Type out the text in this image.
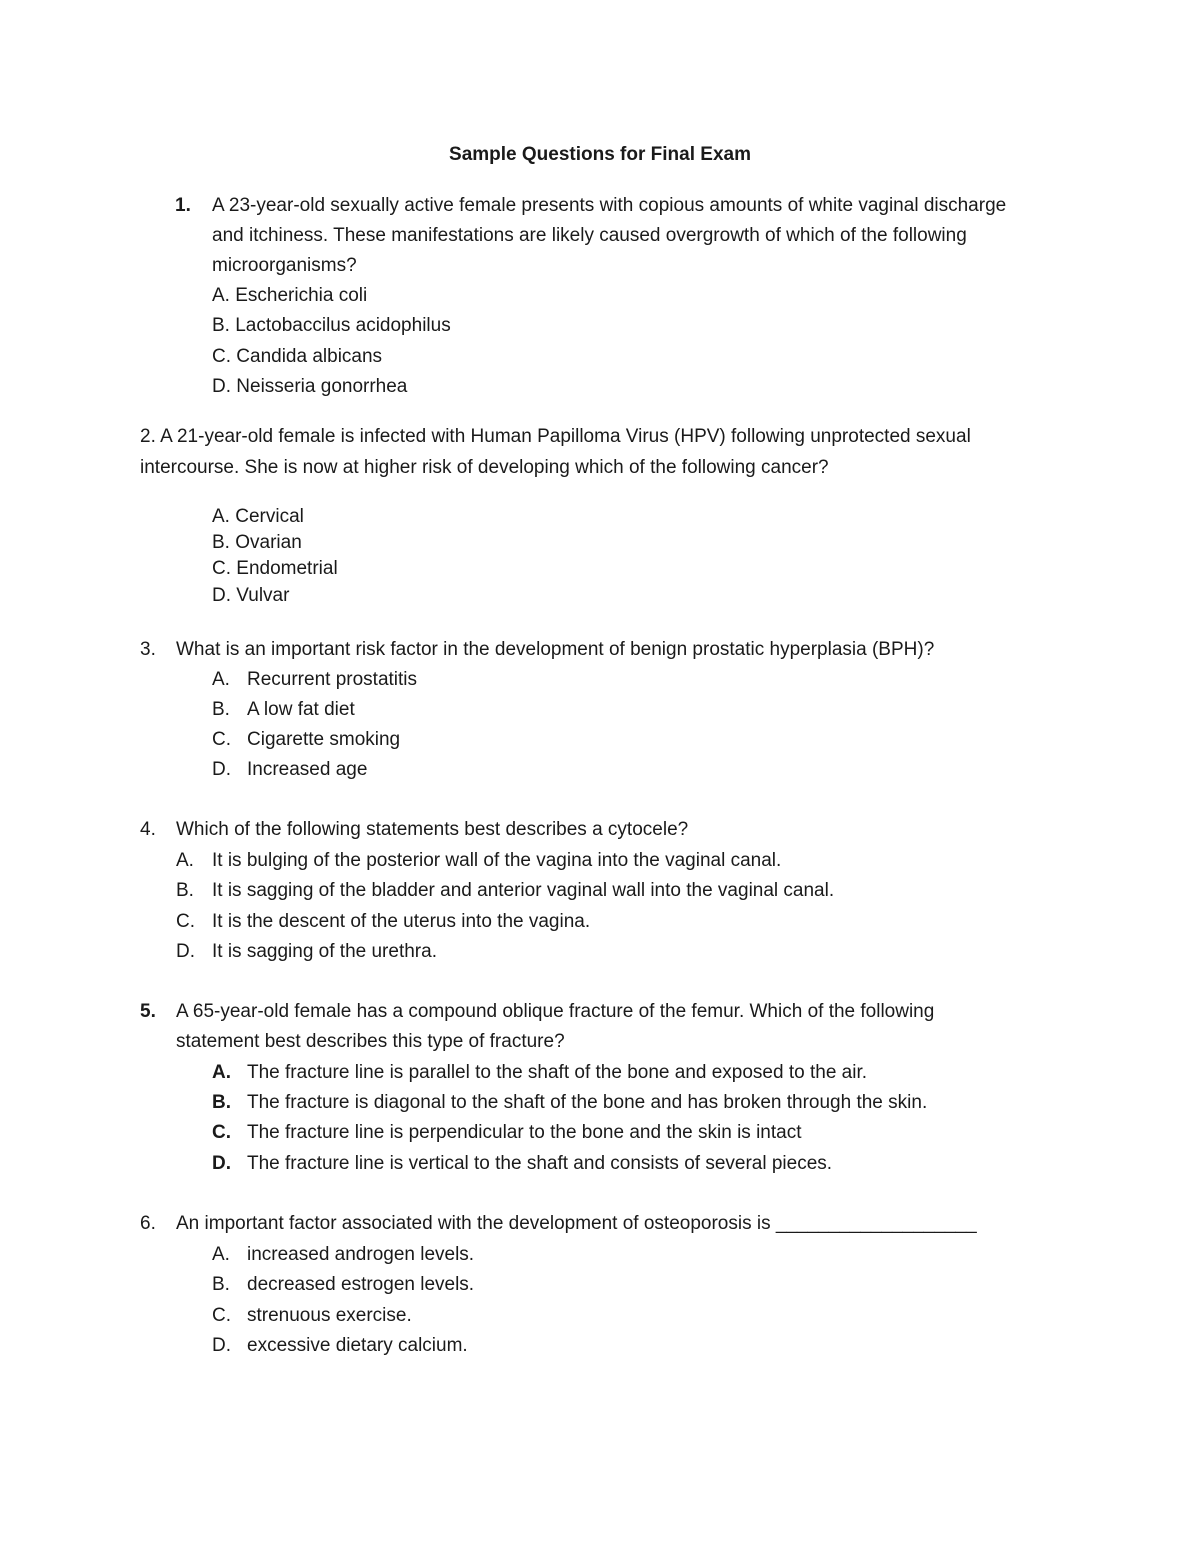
Sample Questions for Final Exam
1. A 23-year-old sexually active female presents with copious amounts of white vaginal discharge
and itchiness. These manifestations are likely caused overgrowth of which of the following
microorganisms?
A. Escherichia coli
B. Lactobaccilus acidophilus
C. Candida albicans
D. Neisseria gonorrhea
2. A 21-year-old female is infected with Human Papilloma Virus (HPV) following unprotected sexual
intercourse. She is now at higher risk of developing which of the following cancer?
A. Cervical
B. Ovarian
C. Endometrial
D. Vulvar
3. What is an important risk factor in the development of benign prostatic hyperplasia (BPH)?
A. Recurrent prostatitis
B. A low fat diet
C. Cigarette smoking
D. Increased age
4. Which of the following statements best describes a cytocele?
A. It is bulging of the posterior wall of the vagina into the vaginal canal.
B. It is sagging of the bladder and anterior vaginal wall into the vaginal canal.
C. It is the descent of the uterus into the vagina.
D. It is sagging of the urethra.
5. A 65-year-old female has a compound oblique fracture of the femur. Which of the following
statement best describes this type of fracture?
A. The fracture line is parallel to the shaft of the bone and exposed to the air.
B. The fracture is diagonal to the shaft of the bone and has broken through the skin.
C. The fracture line is perpendicular to the bone and the skin is intact
D. The fracture line is vertical to the shaft and consists of several pieces.
6. An important factor associated with the development of osteoporosis is ___________________
A. increased androgen levels.
B. decreased estrogen levels.
C. strenuous exercise.
D. excessive dietary calcium.
